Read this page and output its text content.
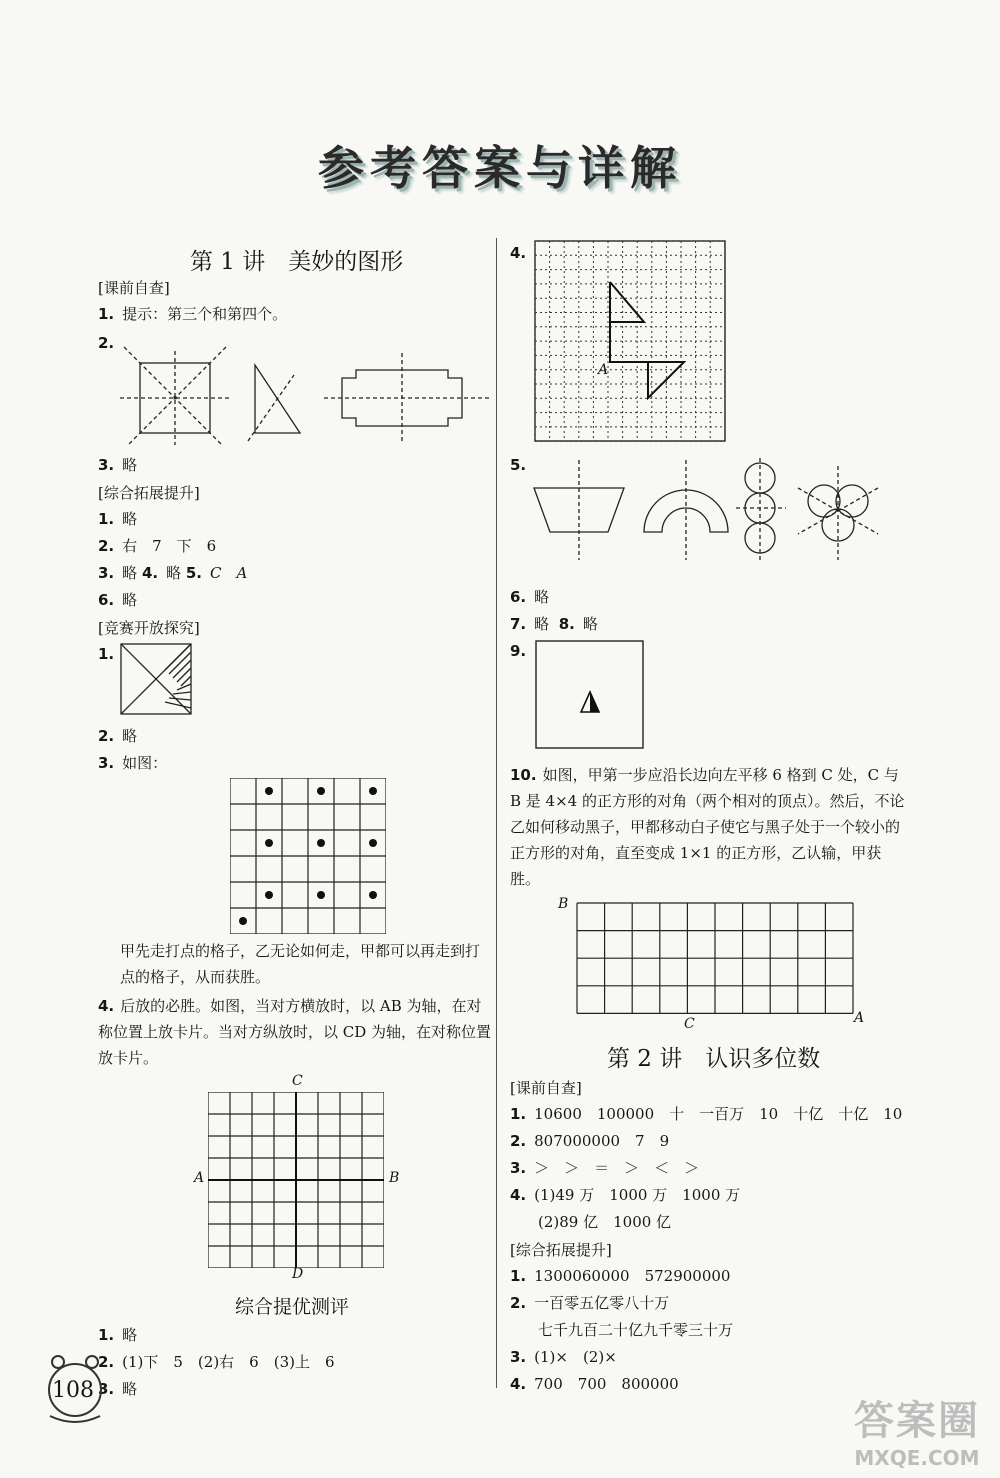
参考答案与详解
第 1 讲　美妙的图形
[ 课前自查 ]
1. 提示：第三个和第四个。
2.
3. 略
[ 综合拓展提升 ]
1. 略
2. 右　7　下　6
3. 略 4. 略 5. C　A
6. 略
[ 竞赛开放探究 ]
1.
2. 略
3. 如图：
甲先走打点的格子，乙无论如何走，甲都可以再走到打点的格子，从而获胜。
4. 后放的必胜。如图，当对方横放时，以 AB 为轴，在对称位置上放卡片。当对方纵放时，以 CD 为轴，在对称位置放卡片。
C
D
A	B
综合提优测评
1. 略
2. (1)下　5　(2)右　6　(3)上　6
3. 略
108
4.
A
5.
6. 略
7. 略 8. 略
9.
10. 如图，甲第一步应沿长边向左平移 6 格到 C 处，C 与 B 是 4×4 的正方形的对角（两个相对的顶点）。然后，不论乙如何移动黑子，甲都移动白子使它与黑子处于一个较小的正方形的对角，直至变成 1×1 的正方形，乙认输，甲获胜。
B
C	A
第 2 讲　认识多位数
[ 课前自查 ]
1. 10600　100000　十　一百万　10　十亿　十亿　10
2. 807000000　7　9
3. ＞　＞　＝　＞　＜　＞
4. (1)49 万　1000 万　1000 万
(2)89 亿　1000 亿
[ 综合拓展提升 ]
1. 1300060000　572900000
2. 一百零五亿零八十万
七千九百二十亿九千零三十万
3. (1)×　(2)×
4. 700　700　800000
答案圈
MXQE.COM
